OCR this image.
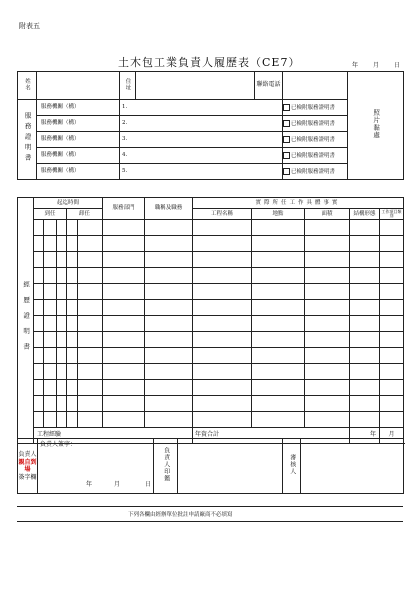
附表五
土木包工業負責人履歷表（CE7）	年 月 日
姓名		住址		聯絡電話		照片黏處
服務證明書	服務機關（構）	1.			已檢附服務證明書	
	服務機關（構）	2.			已檢附服務證明書	
	服務機關（構）	3.			已檢附服務證明書	
	服務機關（構）	4.			已檢附服務證明書	
	服務機關（構）	5.			已檢附服務證明書	
經歷證明書	起迄時間					服務部門	職稱及職務	實際所任工作具體事實				
	到任			卸任				工程名稱	地點	面積	結構形態	工作項目類別

	工程經驗							年資合計			年	月
負責人
親自到場
簽字欄	
負責人簽字：
年	月	日
	負責人印鑑		審核人	
下列各欄由經辦單位批註申請廠商不必填寫
